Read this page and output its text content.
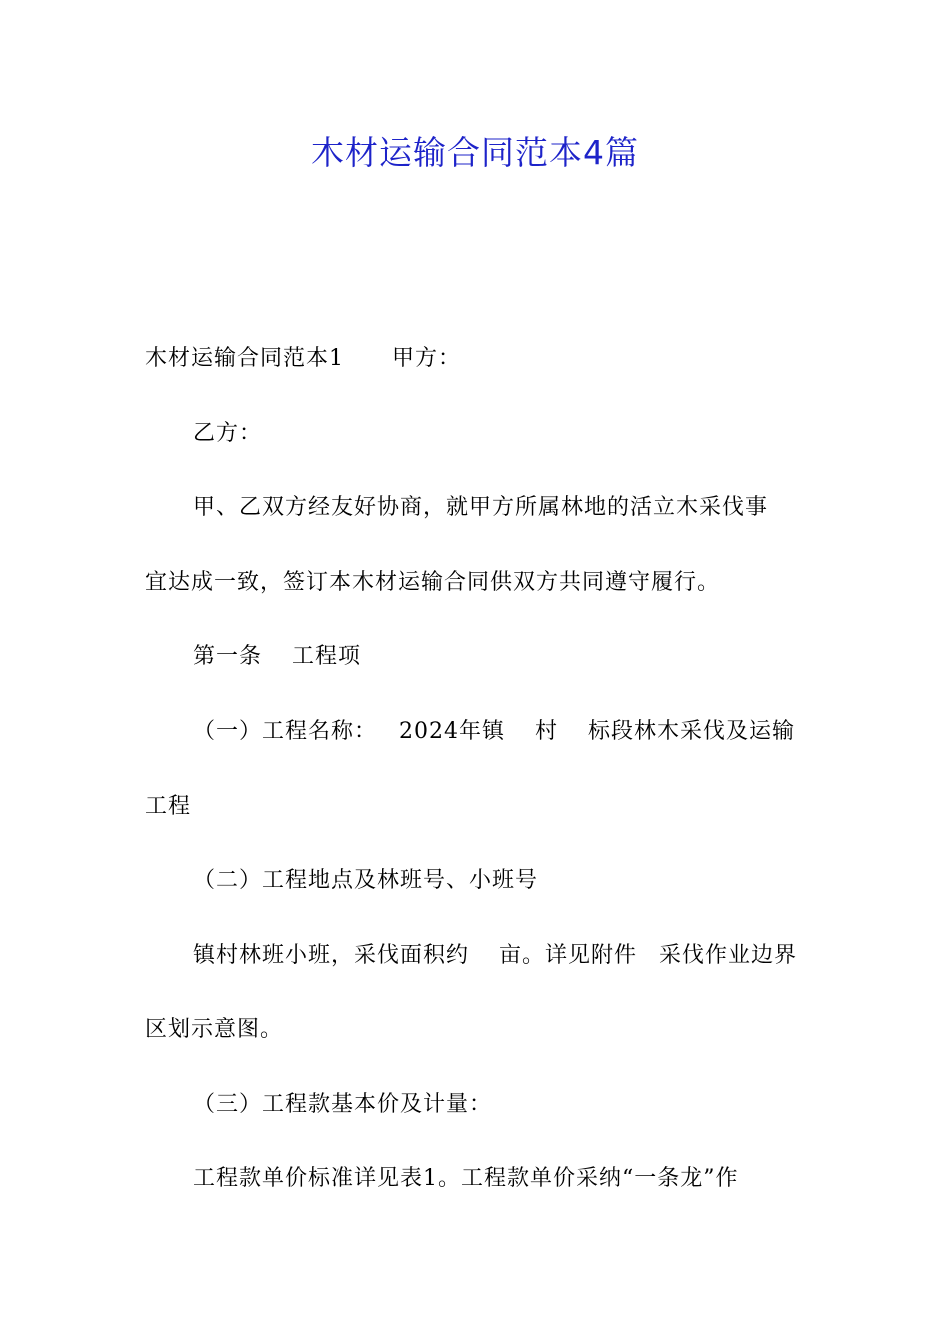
木材运输合同范本4篇
木材运输合同范本1 甲方：
乙方：
甲、乙双方经友好协商，就甲方所属林地的活立木采伐事
宜达成一致，签订本木材运输合同供双方共同遵守履行。
第一条 工程项
（一）工程名称： 2024年镇 村 标段林木采伐及运输
工程
（二）工程地点及林班号、小班号
镇村林班小班，采伐面积约 亩。详见附件 采伐作业边界
区划示意图。
（三）工程款基本价及计量：
工程款单价标准详见表1。工程款单价采纳“一条龙”作
